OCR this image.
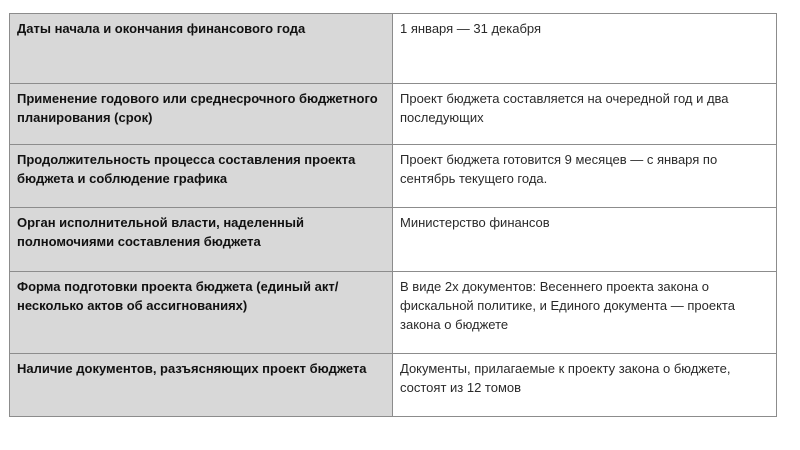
Даты начала и окончания финансового года	1 января — 31 декабря
Применение годового или среднесрочного бюджетного планирования (срок)	Проект бюджета составляется на очередной год и два последующих
Продолжительность процесса составления проекта бюджета и соблюдение графика	Проект бюджета готовится 9 месяцев — с января по сентябрь текущего года.
Орган исполнительной власти, наделенный полномочиями составления бюджета	Министерство финансов
Форма подготовки проекта бюджета (единый акт/несколько актов об ассигнованиях)	В виде 2х документов: Весеннего проекта закона о фискальной политике, и Единого документа — проекта закона о бюджете
Наличие документов, разъясняющих проект бюджета	Документы, прилагаемые к проекту закона о бюджете, состоят из 12 томов
